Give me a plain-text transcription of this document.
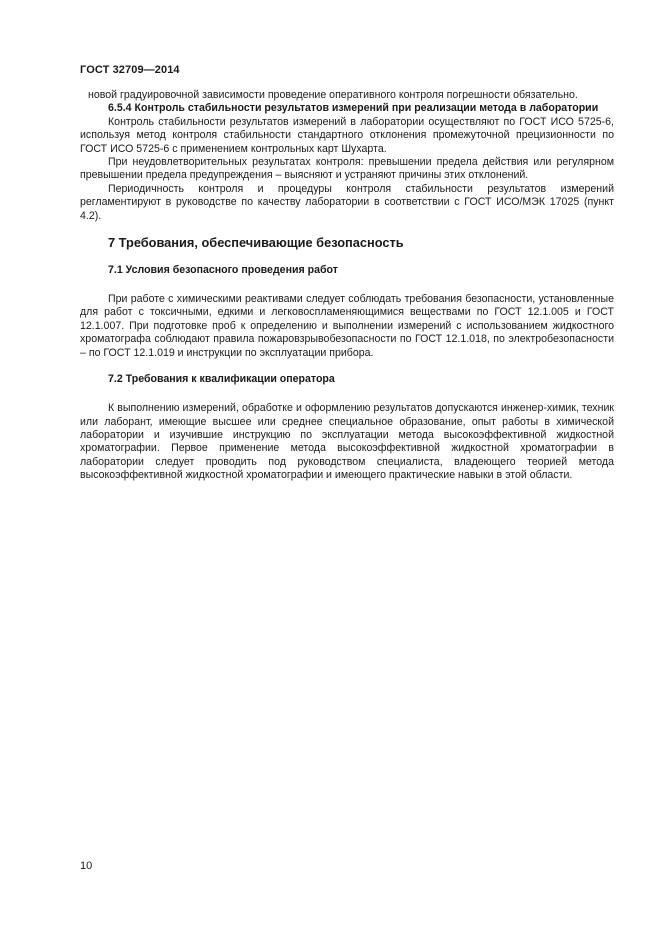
ГОСТ 32709—2014

новой градуировочной зависимости проведение оперативного контроля погрешности обязательно.

6.5.4 Контроль стабильности результатов измерений при реализации метода в лаборатории

Контроль стабильности результатов измерений в лаборатории осуществляют по ГОСТ ИСО 5725-6, используя метод контроля стабильности стандартного отклонения промежуточной прецизионности по ГОСТ ИСО 5725-6 с применением контрольных карт Шухарта.

При неудовлетворительных результатах контроля: превышении предела действия или регулярном превышении предела предупреждения – выясняют и устраняют причины этих отклонений.

Периодичность контроля и процедуры контроля стабильности результатов измерений регламентируют в руководстве по качеству лаборатории в соответствии с ГОСТ ИСО/МЭК 17025 (пункт 4.2).

7 Требования, обеспечивающие безопасность
7.1 Условия безопасного проведения работ

При работе с химическими реактивами следует соблюдать требования безопасности, установленные для работ с токсичными, едкими и легковоспламеняющимися веществами по ГОСТ 12.1.005 и ГОСТ 12.1.007. При подготовке проб к определению и выполнении измерений с использованием жидкостного хроматографа соблюдают правила пожаровзрывобезопасности по ГОСТ 12.1.018, по электробезопасности – по ГОСТ 12.1.019 и инструкции по эксплуатации прибора.

7.2 Требования к квалификации оператора

К выполнению измерений, обработке и оформлению результатов допускаются инженер-химик, техник или лаборант, имеющие высшее или среднее специальное образование, опыт работы в химической лаборатории и изучившие инструкцию по эксплуатации метода высокоэффективной жидкостной хроматографии. Первое применение метода высокоэффективной жидкостной хроматографии в лаборатории следует проводить под руководством специалиста, владеющего теорией метода высокоэффективной жидкостной хроматографии и имеющего практические навыки в этой области.

10
